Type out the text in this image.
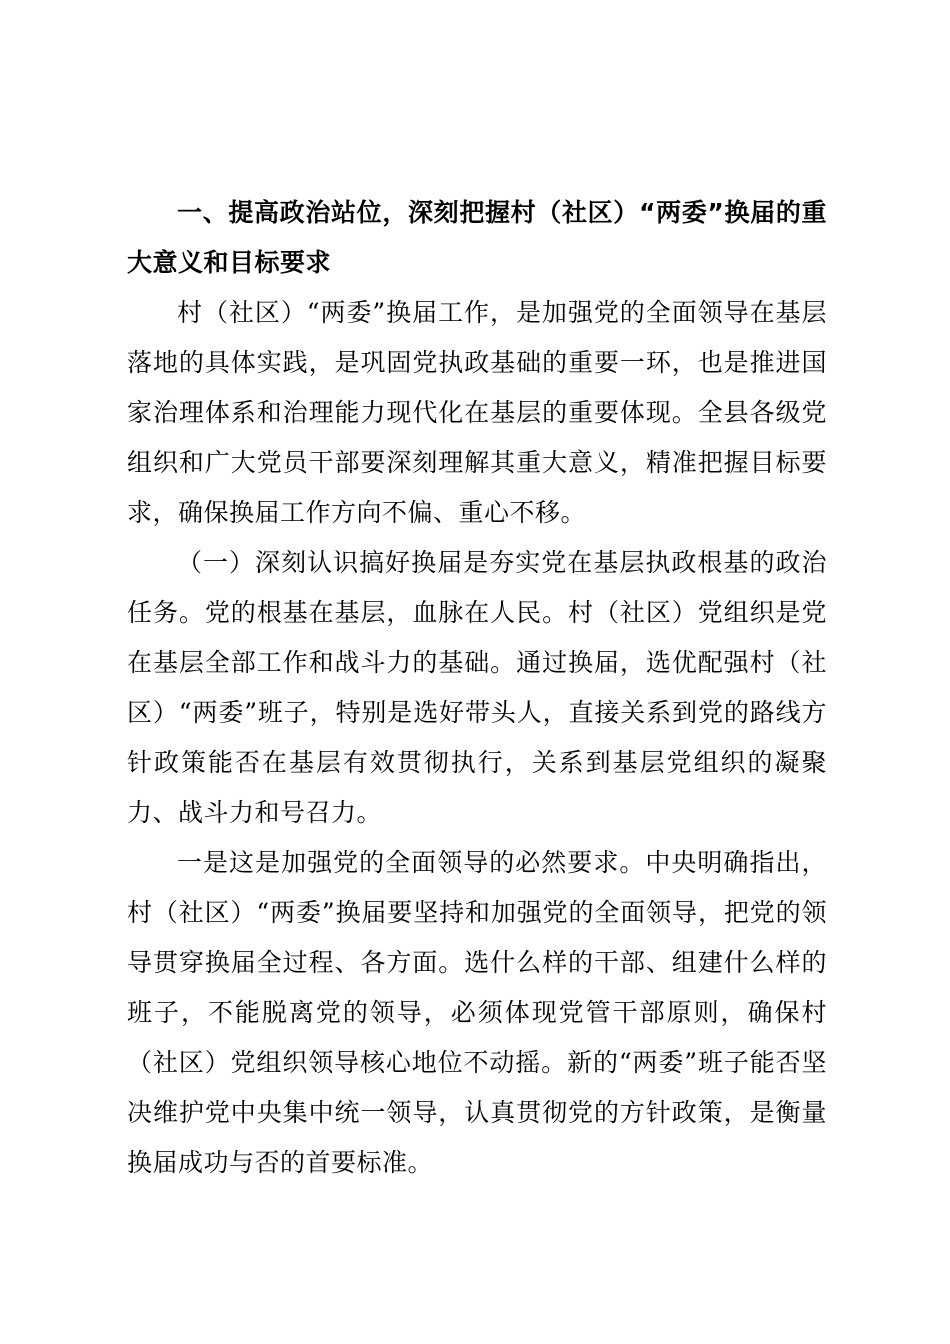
一、提高政治站位，深刻把握村（社区）“两委”换届的重大意义和目标要求

村（社区）“两委”换届工作，是加强党的全面领导在基层落地的具体实践，是巩固党执政基础的重要一环，也是推进国家治理体系和治理能力现代化在基层的重要体现。全县各级党组织和广大党员干部要深刻理解其重大意义，精准把握目标要求，确保换届工作方向不偏、重心不移。

（一）深刻认识搞好换届是夯实党在基层执政根基的政治任务。党的根基在基层，血脉在人民。村（社区）党组织是党在基层全部工作和战斗力的基础。通过换届，选优配强村（社区）“两委”班子，特别是选好带头人，直接关系到党的路线方针政策能否在基层有效贯彻执行，关系到基层党组织的凝聚力、战斗力和号召力。

一是这是加强党的全面领导的必然要求。中央明确指出，村（社区）“两委”换届要坚持和加强党的全面领导，把党的领导贯穿换届全过程、各方面。选什么样的干部、组建什么样的班子，不能脱离党的领导，必须体现党管干部原则，确保村（社区）党组织领导核心地位不动摇。新的“两委”班子能否坚决维护党中央集中统一领导，认真贯彻党的方针政策，是衡量换届成功与否的首要标准。
